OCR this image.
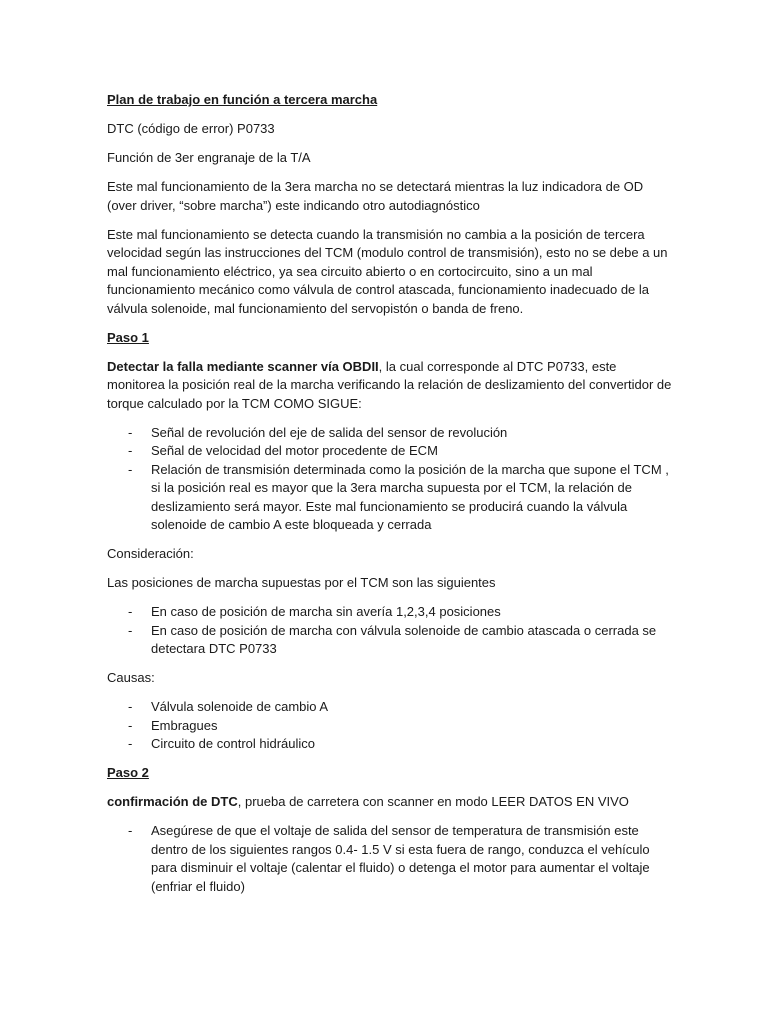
Plan de trabajo en función a tercera marcha

DTC (código de error) P0733

Función de 3er engranaje de la T/A

Este mal funcionamiento de la 3era marcha no se detectará mientras la luz indicadora de OD (over driver, “sobre marcha”) este indicando otro autodiagnóstico

Este mal funcionamiento se detecta cuando la transmisión no cambia a la posición de tercera velocidad según las instrucciones del TCM (modulo control de transmisión), esto no se debe a un mal funcionamiento eléctrico, ya sea circuito abierto o en cortocircuito, sino a un mal funcionamiento mecánico como válvula de control atascada, funcionamiento inadecuado de la válvula solenoide, mal funcionamiento del servopistón o banda de freno.

Paso 1

Detectar la falla mediante scanner vía OBDII, la cual corresponde al DTC P0733, este monitorea la posición real de la marcha verificando la relación de deslizamiento del convertidor de torque calculado por la TCM COMO SIGUE:

- Señal de revolución del eje de salida del sensor de revolución
- Señal de velocidad del motor procedente de ECM
- Relación de transmisión determinada como la posición de la marcha que supone el TCM , si la posición real es mayor que la 3era marcha supuesta por el TCM, la relación de deslizamiento será mayor. Este mal funcionamiento se producirá cuando la válvula solenoide de cambio A este bloqueada y cerrada

Consideración:

Las posiciones de marcha supuestas por el TCM son las siguientes

- En caso de posición de marcha sin avería 1,2,3,4 posiciones
- En caso de posición de marcha con válvula solenoide de cambio atascada o cerrada se detectara DTC P0733

Causas:

- Válvula solenoide de cambio A
- Embragues
- Circuito de control hidráulico

Paso 2

confirmación de DTC, prueba de carretera con scanner en modo LEER DATOS EN VIVO

- Asegúrese de que el voltaje de salida del sensor de temperatura de transmisión este dentro de los siguientes rangos 0.4- 1.5 V si esta fuera de rango, conduzca el vehículo para disminuir el voltaje (calentar el fluido) o detenga el motor para aumentar el voltaje (enfriar el fluido)
